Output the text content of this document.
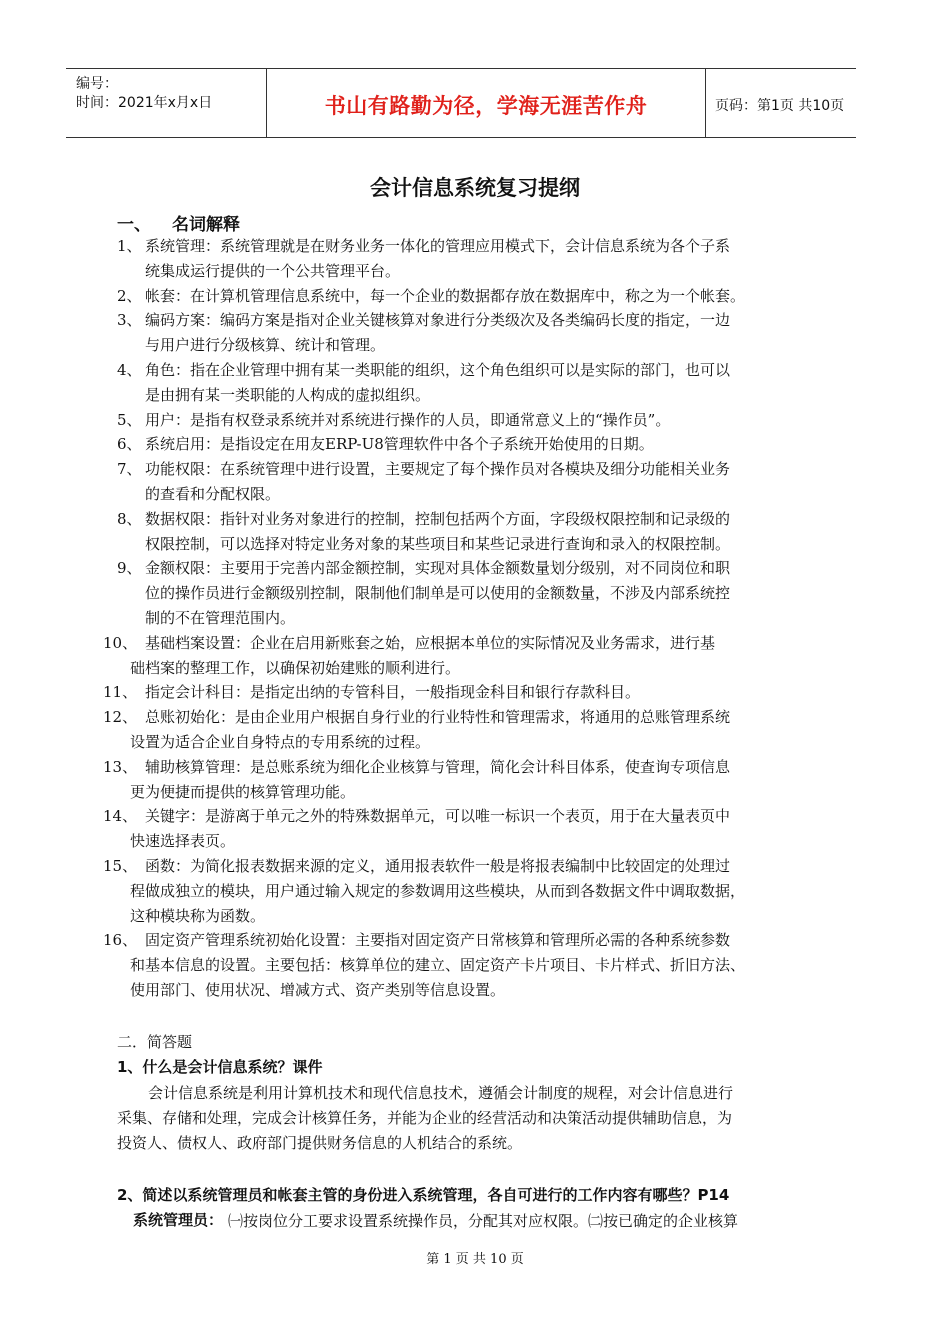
编号：
时间：2021年x月x日	书山有路勤为径，学海无涯苦作舟	页码：第1页 共10页
会计信息系统复习提纲
一、 名词解释
1、 系统管理：系统管理就是在财务业务一体化的管理应用模式下，会计信息系统为各个子系
统集成运行提供的一个公共管理平台。
2、 帐套：在计算机管理信息系统中，每一个企业的数据都存放在数据库中，称之为一个帐套。
3、 编码方案：编码方案是指对企业关键核算对象进行分类级次及各类编码长度的指定，一边
与用户进行分级核算、统计和管理。
4、 角色：指在企业管理中拥有某一类职能的组织，这个角色组织可以是实际的部门，也可以
是由拥有某一类职能的人构成的虚拟组织。
5、 用户：是指有权登录系统并对系统进行操作的人员，即通常意义上的“操作员”。
6、 系统启用：是指设定在用友ERP-U8管理软件中各个子系统开始使用的日期。
7、 功能权限：在系统管理中进行设置，主要规定了每个操作员对各模块及细分功能相关业务
的查看和分配权限。
8、 数据权限：指针对业务对象进行的控制，控制包括两个方面，字段级权限控制和记录级的
权限控制，可以选择对特定业务对象的某些项目和某些记录进行查询和录入的权限控制。
9、 金额权限：主要用于完善内部金额控制，实现对具体金额数量划分级别，对不同岗位和职
位的操作员进行金额级别控制，限制他们制单是可以使用的金额数量，不涉及内部系统控
制的不在管理范围内。
10、 基础档案设置：企业在启用新账套之始，应根据本单位的实际情况及业务需求，进行基
础档案的整理工作，以确保初始建账的顺利进行。
11、 指定会计科目：是指定出纳的专管科目，一般指现金科目和银行存款科目。
12、 总账初始化：是由企业用户根据自身行业的行业特性和管理需求，将通用的总账管理系统
设置为适合企业自身特点的专用系统的过程。
13、 辅助核算管理：是总账系统为细化企业核算与管理，简化会计科目体系，使查询专项信息
更为便捷而提供的核算管理功能。
14、 关键字：是游离于单元之外的特殊数据单元，可以唯一标识一个表页，用于在大量表页中
快速选择表页。
15、 函数：为简化报表数据来源的定义，通用报表软件一般是将报表编制中比较固定的处理过
程做成独立的模块，用户通过输入规定的参数调用这些模块，从而到各数据文件中调取数据，
这种模块称为函数。
16、 固定资产管理系统初始化设置：主要指对固定资产日常核算和管理所必需的各种系统参数
和基本信息的设置。主要包括：核算单位的建立、固定资产卡片项目、卡片样式、折旧方法、
使用部门、使用状况、增减方式、资产类别等信息设置。
二．简答题
1、什么是会计信息系统？课件
会计信息系统是利用计算机技术和现代信息技术，遵循会计制度的规程，对会计信息进行
采集、存储和处理，完成会计核算任务，并能为企业的经营活动和决策活动提供辅助信息，为
投资人、债权人、政府部门提供财务信息的人机结合的系统。
2、简述以系统管理员和帐套主管的身份进入系统管理，各自可进行的工作内容有哪些？P14
系统管理员： ㈠按岗位分工要求设置系统操作员，分配其对应权限。㈡按已确定的企业核算
第 1 页 共 10 页
